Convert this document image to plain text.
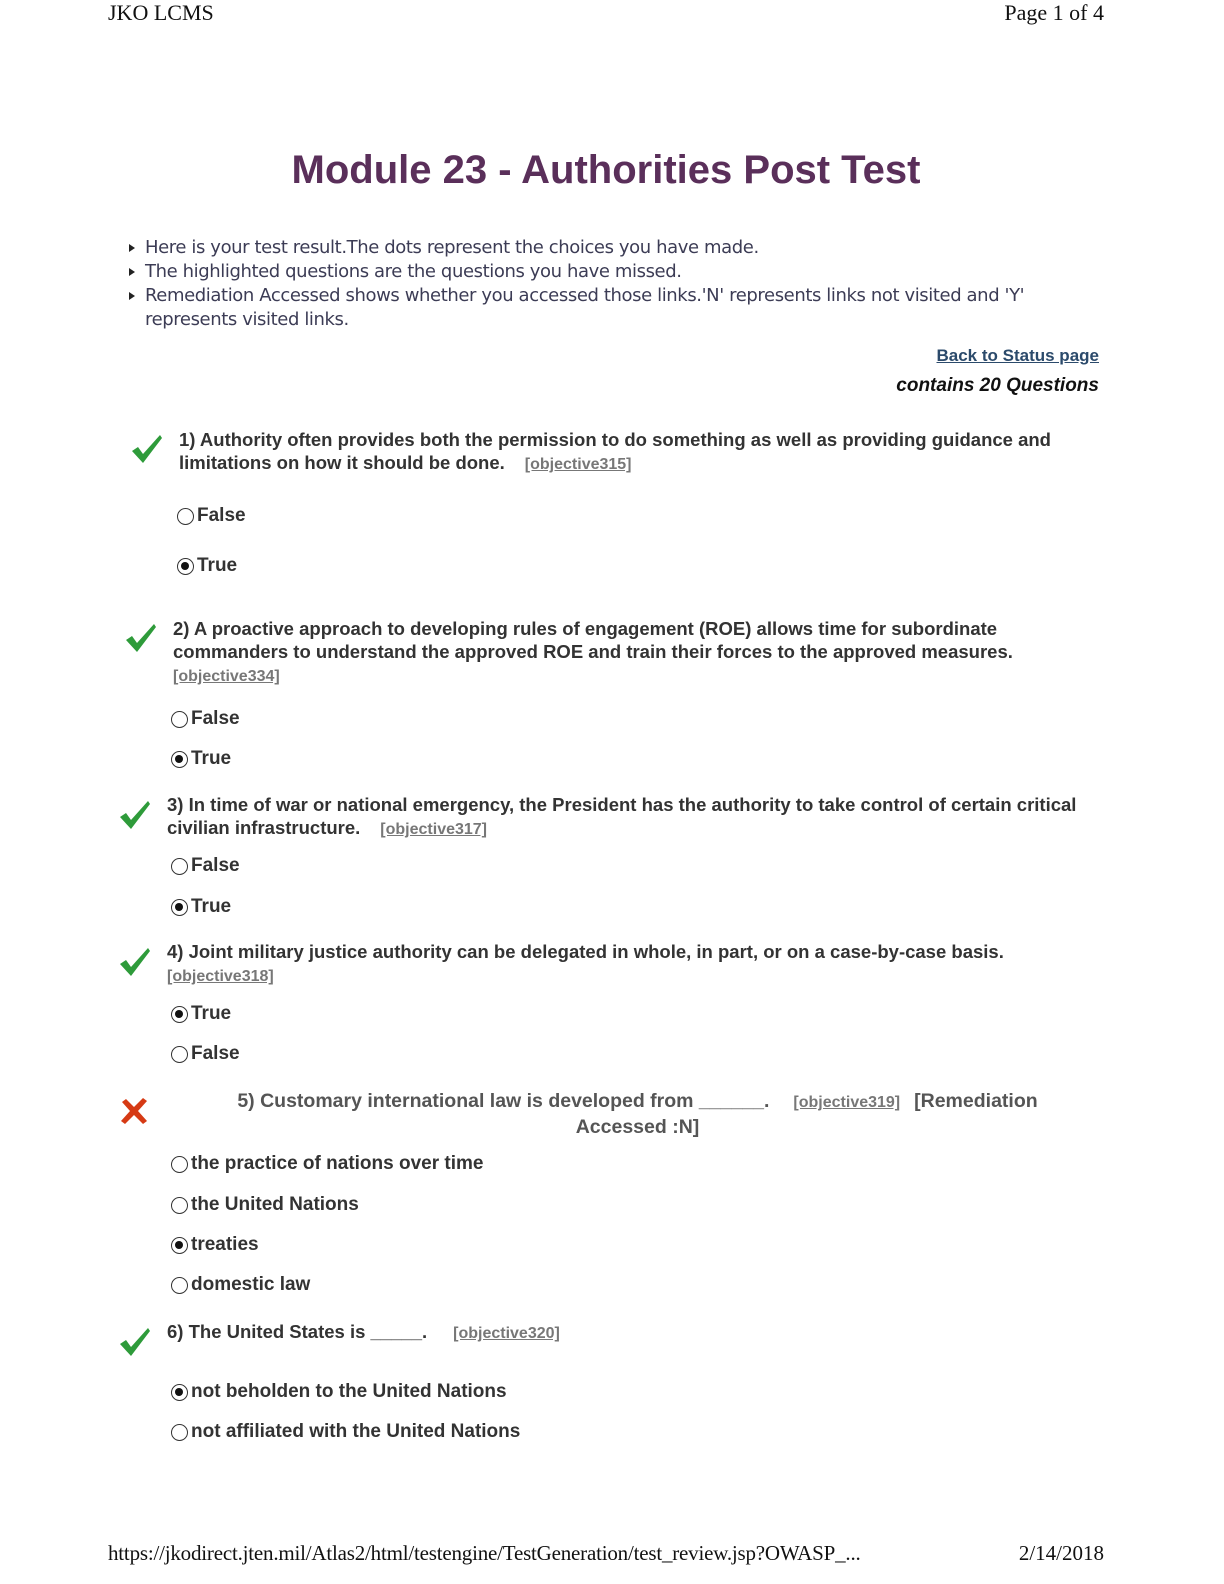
JKO LCMS	Page 1 of 4
Module 23 - Authorities Post Test
Here is your test result.The dots represent the choices you have made.
The highlighted questions are the questions you have missed.
Remediation Accessed shows whether you accessed those links.'N' represents links not visited and 'Y' represents visited links.
Back to Status page
contains 20 Questions

1) Authority often provides both the permission to do something as well as providing guidance and limitations on how it should be done. [objective315]

False
True

2) A proactive approach to developing rules of engagement (ROE) allows time for subordinate commanders to understand the approved ROE and train their forces to the approved measures.
[objective334]

False
True

3) In time of war or national emergency, the President has the authority to take control of certain critical civilian infrastructure. [objective317]

False
True

4) Joint military justice authority can be delegated in whole, in part, or on a case-by-case basis.
[objective318]

True
False

5) Customary international law is developed from ______. [objective319] [Remediation Accessed :N]

the practice of nations over time
the United Nations
treaties
domestic law

6) The United States is _____. [objective320]

not beholden to the United Nations
not affiliated with the United Nations
https://jkodirect.jten.mil/Atlas2/html/testengine/TestGeneration/test_review.jsp?OWASP_...	2/14/2018
